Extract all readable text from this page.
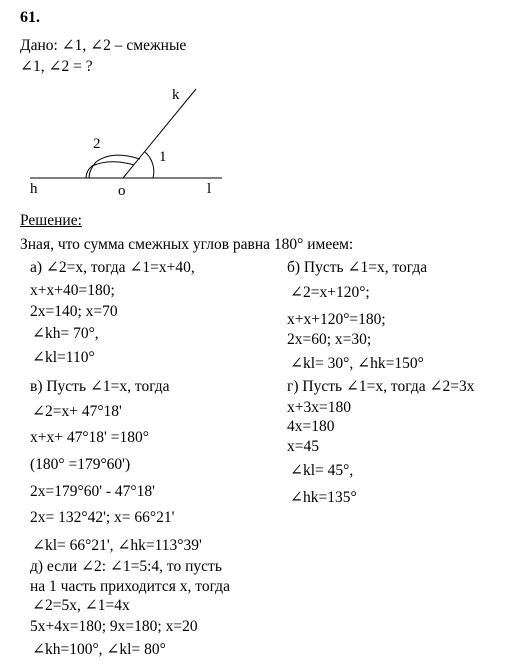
61.
Дано: ∠1, ∠2 – смежные
∠1, ∠2 = ?
k
2
1
h	o	l
Решение:
Зная, что сумма смежных углов равна 180° имеем:
а) ∠2=x, тогда ∠1=x+40,
x+x+40=180;
2x=140; x=70
∠kh= 70°,
∠kl=110°
б) Пусть ∠1=x, тогда
∠2=x+120°;
x+x+120°=180;
2x=60; x=30;
∠kl= 30°, ∠hk=150°
в) Пусть ∠1=x, тогда
∠2=x+ 47°18'
x+x+ 47°18' =180°
(180° =179°60')
2x=179°60' - 47°18'
2x= 132°42'; x= 66°21'
∠kl= 66°21', ∠hk=113°39'
г) Пусть ∠1=x, тогда ∠2=3x
x+3x=180
4x=180
x=45
∠kl= 45°,
∠hk=135°
д) если ∠2: ∠1=5:4, то пусть
на 1 часть приходится x, тогда
∠2=5x, ∠1=4x
5x+4x=180; 9x=180; x=20
∠kh=100°, ∠kl= 80°
